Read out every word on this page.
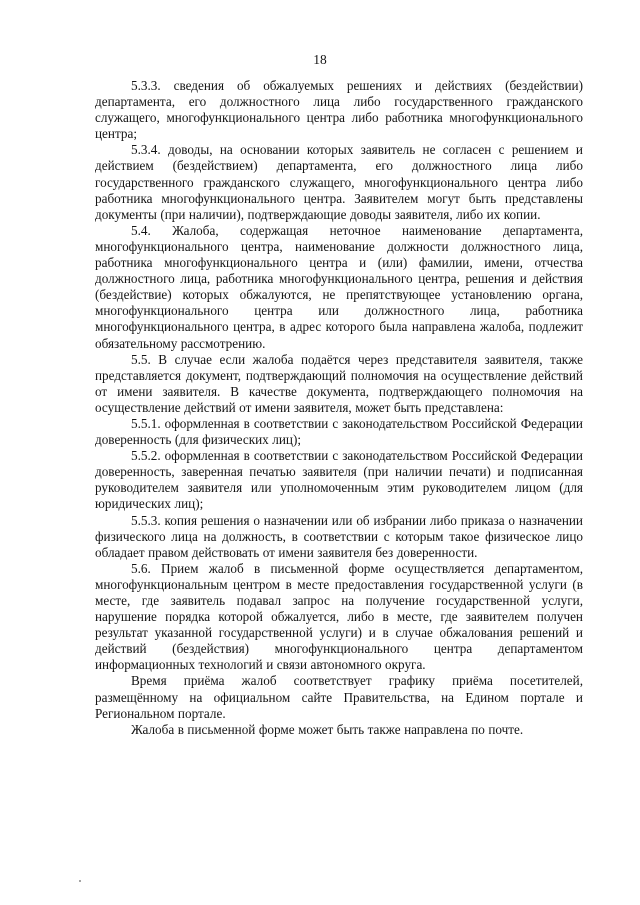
18

5.3.3. сведения об обжалуемых решениях и действиях (бездействии) департамента, его должностного лица либо государственного гражданского служащего, многофункционального центра либо работника многофункционального центра;

5.3.4. доводы, на основании которых заявитель не согласен с решением и действием (бездействием) департамента, его должностного лица либо государственного гражданского служащего, многофункционального центра либо работника многофункционального центра. Заявителем могут быть представлены документы (при наличии), подтверждающие доводы заявителя, либо их копии.

5.4. Жалоба, содержащая неточное наименование департамента, многофункционального центра, наименование должности должностного лица, работника многофункционального центра и (или) фамилии, имени, отчества должностного лица, работника многофункционального центра, решения и действия (бездействие) которых обжалуются, не препятствующее установлению органа, многофункционального центра или должностного лица, работника многофункционального центра, в адрес которого была направлена жалоба, подлежит обязательному рассмотрению.

5.5. В случае если жалоба подаётся через представителя заявителя, также представляется документ, подтверждающий полномочия на осуществление действий от имени заявителя. В качестве документа, подтверждающего полномочия на осуществление действий от имени заявителя, может быть представлена:

5.5.1. оформленная в соответствии с законодательством Российской Федерации доверенность (для физических лиц);

5.5.2. оформленная в соответствии с законодательством Российской Федерации доверенность, заверенная печатью заявителя (при наличии печати) и подписанная руководителем заявителя или уполномоченным этим руководителем лицом (для юридических лиц);

5.5.3. копия решения о назначении или об избрании либо приказа о назначении физического лица на должность, в соответствии с которым такое физическое лицо обладает правом действовать от имени заявителя без доверенности.

5.6. Прием жалоб в письменной форме осуществляется департаментом, многофункциональным центром в месте предоставления государственной услуги (в месте, где заявитель подавал запрос на получение государственной услуги, нарушение порядка которой обжалуется, либо в месте, где заявителем получен результат указанной государственной услуги) и в случае обжалования решений и действий (бездействия) многофункционального центра департаментом информационных технологий и связи автономного округа.

Время приёма жалоб соответствует графику приёма посетителей, размещённому на официальном сайте Правительства, на Едином портале и Региональном портале.

Жалоба в письменной форме может быть также направлена по почте.
